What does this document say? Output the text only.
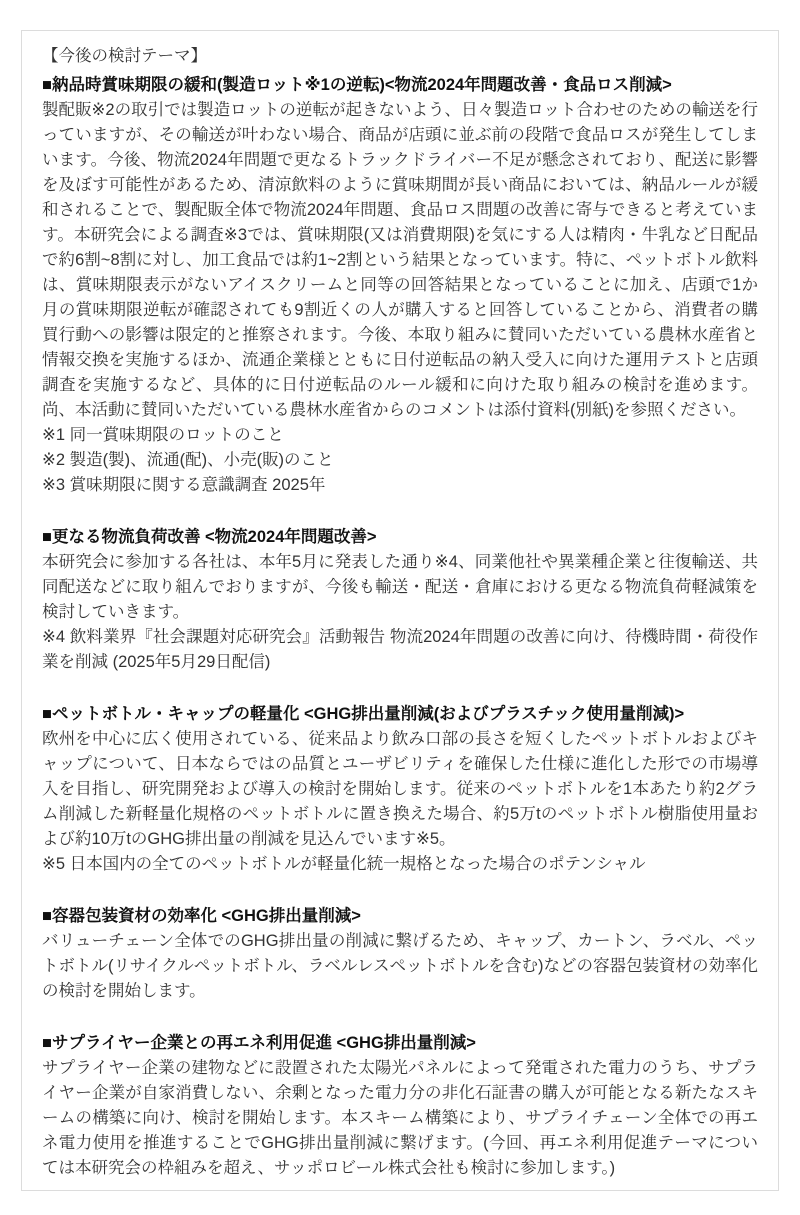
【今後の検討テーマ】

■納品時賞味期限の緩和(製造ロット※1の逆転)<物流2024年問題改善・食品ロス削減>

製配販※2の取引では製造ロットの逆転が起きないよう、日々製造ロット合わせのための輸送を行っていますが、その輸送が叶わない場合、商品が店頭に並ぶ前の段階で食品ロスが発生してしまいます。今後、物流2024年問題で更なるトラックドライバー不足が懸念されており、配送に影響を及ぼす可能性があるため、清涼飲料のように賞味期間が長い商品においては、納品ルールが緩和されることで、製配販全体で物流2024年問題、食品ロス問題の改善に寄与できると考えています。本研究会による調査※3では、賞味期限(又は消費期限)を気にする人は精肉・牛乳など日配品で約6割~8割に対し、加工食品では約1~2割という結果となっています。特に、ペットボトル飲料は、賞味期限表示がないアイスクリームと同等の回答結果となっていることに加え、店頭で1か月の賞味期限逆転が確認されても9割近くの人が購入すると回答していることから、消費者の購買行動への影響は限定的と推察されます。今後、本取り組みに賛同いただいている農林水産省と情報交換を実施するほか、流通企業様とともに日付逆転品の納入受入に向けた運用テストと店頭調査を実施するなど、具体的に日付逆転品のルール緩和に向けた取り組みの検討を進めます。尚、本活動に賛同いただいている農林水産省からのコメントは添付資料(別紙)を参照ください。

※1 同一賞味期限のロットのこと

※2 製造(製)、流通(配)、小売(販)のこと

※3 賞味期限に関する意識調査 2025年

■更なる物流負荷改善 <物流2024年問題改善>

本研究会に参加する各社は、本年5月に発表した通り※4、同業他社や異業種企業と往復輸送、共同配送などに取り組んでおりますが、今後も輸送・配送・倉庫における更なる物流負荷軽減策を検討していきます。

※4 飲料業界『社会課題対応研究会』活動報告 物流2024年問題の改善に向け、待機時間・荷役作業を削減 (2025年5月29日配信)

■ペットボトル・キャップの軽量化 <GHG排出量削減(およびプラスチック使用量削減)>

欧州を中心に広く使用されている、従来品より飲み口部の長さを短くしたペットボトルおよびキャップについて、日本ならではの品質とユーザビリティを確保した仕様に進化した形での市場導入を目指し、研究開発および導入の検討を開始します。従来のペットボトルを1本あたり約2グラム削減した新軽量化規格のペットボトルに置き換えた場合、約5万tのペットボトル樹脂使用量および約10万tのGHG排出量の削減を見込んでいます※5。

※5 日本国内の全てのペットボトルが軽量化統一規格となった場合のポテンシャル

■容器包装資材の効率化 <GHG排出量削減>

バリューチェーン全体でのGHG排出量の削減に繋げるため、キャップ、カートン、ラベル、ペットボトル(リサイクルペットボトル、ラベルレスペットボトルを含む)などの容器包装資材の効率化の検討を開始します。

■サプライヤー企業との再エネ利用促進 <GHG排出量削減>

サプライヤー企業の建物などに設置された太陽光パネルによって発電された電力のうち、サプライヤー企業が自家消費しない、余剰となった電力分の非化石証書の購入が可能となる新たなスキームの構築に向け、検討を開始します。本スキーム構築により、サプライチェーン全体での再エネ電力使用を推進することでGHG排出量削減に繋げます。(今回、再エネ利用促進テーマについては本研究会の枠組みを超え、サッポロビール株式会社も検討に参加します。)
